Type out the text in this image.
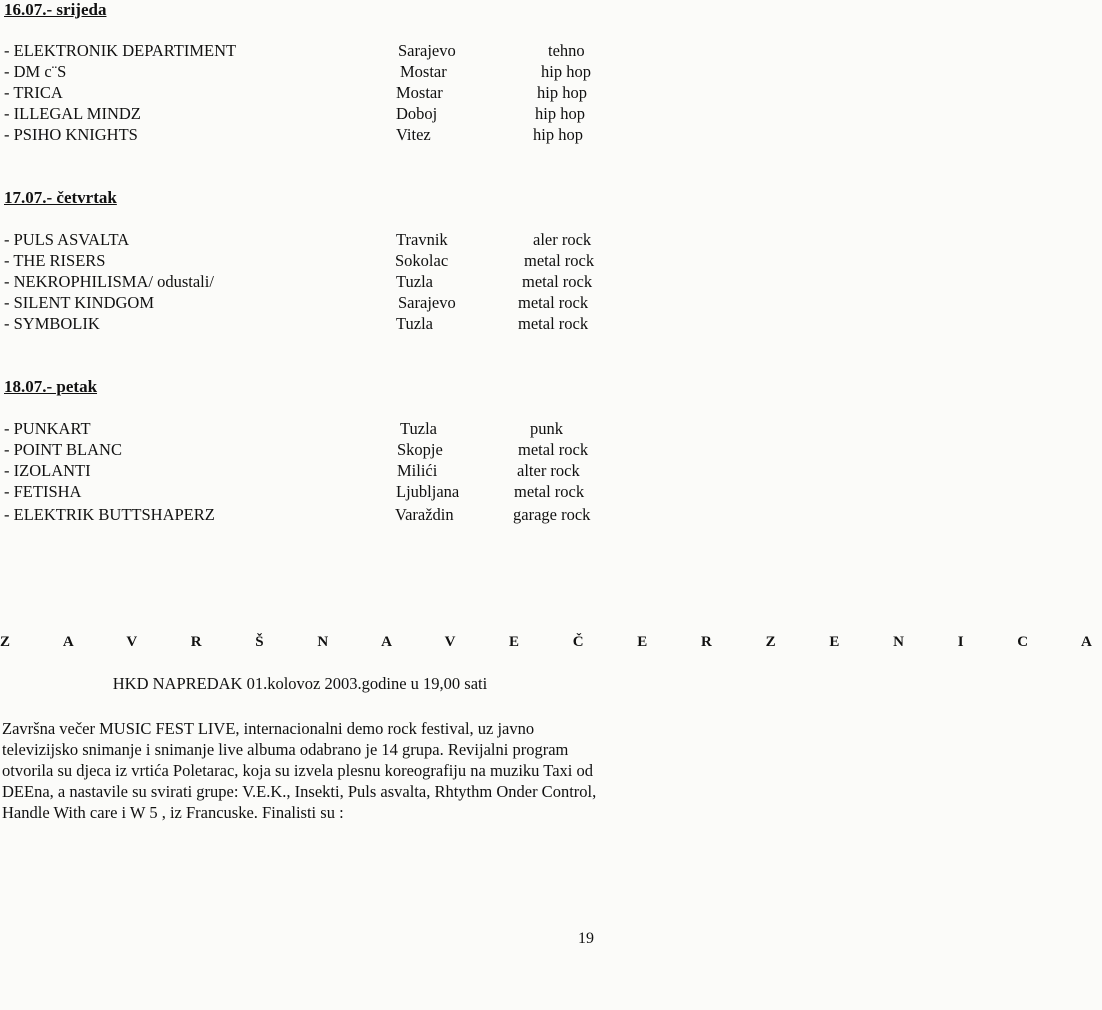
16.07.- srijeda
- ELEKTRONIK DEPARTIMENT	Sarajevo	tehno
- DM c¨S	Mostar	hip hop
- TRICA	Mostar	hip hop
- ILLEGAL MINDZ	Doboj	hip hop
- PSIHO KNIGHTS	Vitez	hip hop
17.07.- četvrtak
- PULS ASVALTA	Travnik	aler rock
- THE RISERS	Sokolac	metal rock
- NEKROPHILISMA/ odustali/	Tuzla	metal rock
- SILENT KINDGOM	Sarajevo	metal rock
- SYMBOLIK	Tuzla	metal rock
18.07.- petak
- PUNKART	Tuzla	punk
- POINT BLANC	Skopje	metal rock
- IZOLANTI	Milići	alter rock
- FETISHA	Ljubljana	metal rock
- ELEKTRIK BUTTSHAPERZ	Varaždin	garage rock
Z A V R Š N A V E Č E R Z E N I C A

HKD NAPREDAK 01.kolovoz 2003.godine u 19,00 sati

Završna večer MUSIC FEST LIVE, internacionalni demo rock festival, uz javno televizijsko snimanje i snimanje live albuma odabrano je 14 grupa. Revijalni program otvorila su djeca iz vrtića Poletarac, koja su izvela plesnu koreografiju na muziku Taxi od DEEna, a nastavile su svirati grupe: V.E.K., Insekti, Puls asvalta, Rhtythm Onder Control, Handle With care i W 5 , iz Francuske. Finalisti su :

19
